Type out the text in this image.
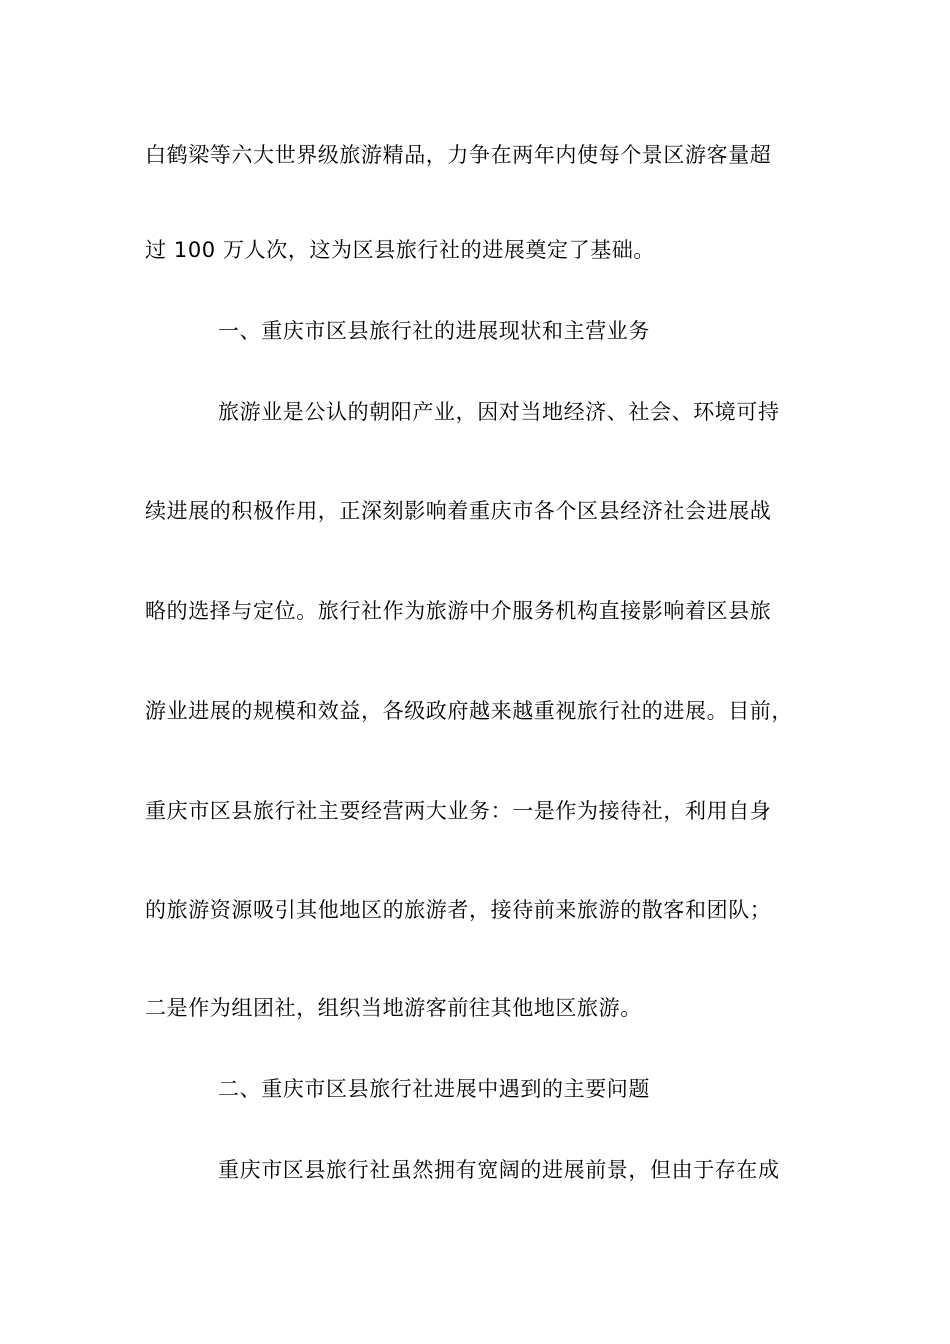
白鹤梁等六大世界级旅游精品，力争在两年内使每个景区游客量超
过 100 万人次，这为区县旅行社的进展奠定了基础。
一、重庆市区县旅行社的进展现状和主营业务
旅游业是公认的朝阳产业，因对当地经济、社会、环境可持
续进展的积极作用，正深刻影响着重庆市各个区县经济社会进展战
略的选择与定位。旅行社作为旅游中介服务机构直接影响着区县旅
游业进展的规模和效益，各级政府越来越重视旅行社的进展。目前，
重庆市区县旅行社主要经营两大业务：一是作为接待社，利用自身
的旅游资源吸引其他地区的旅游者，接待前来旅游的散客和团队；
二是作为组团社，组织当地游客前往其他地区旅游。
二、重庆市区县旅行社进展中遇到的主要问题
重庆市区县旅行社虽然拥有宽阔的进展前景，但由于存在成
